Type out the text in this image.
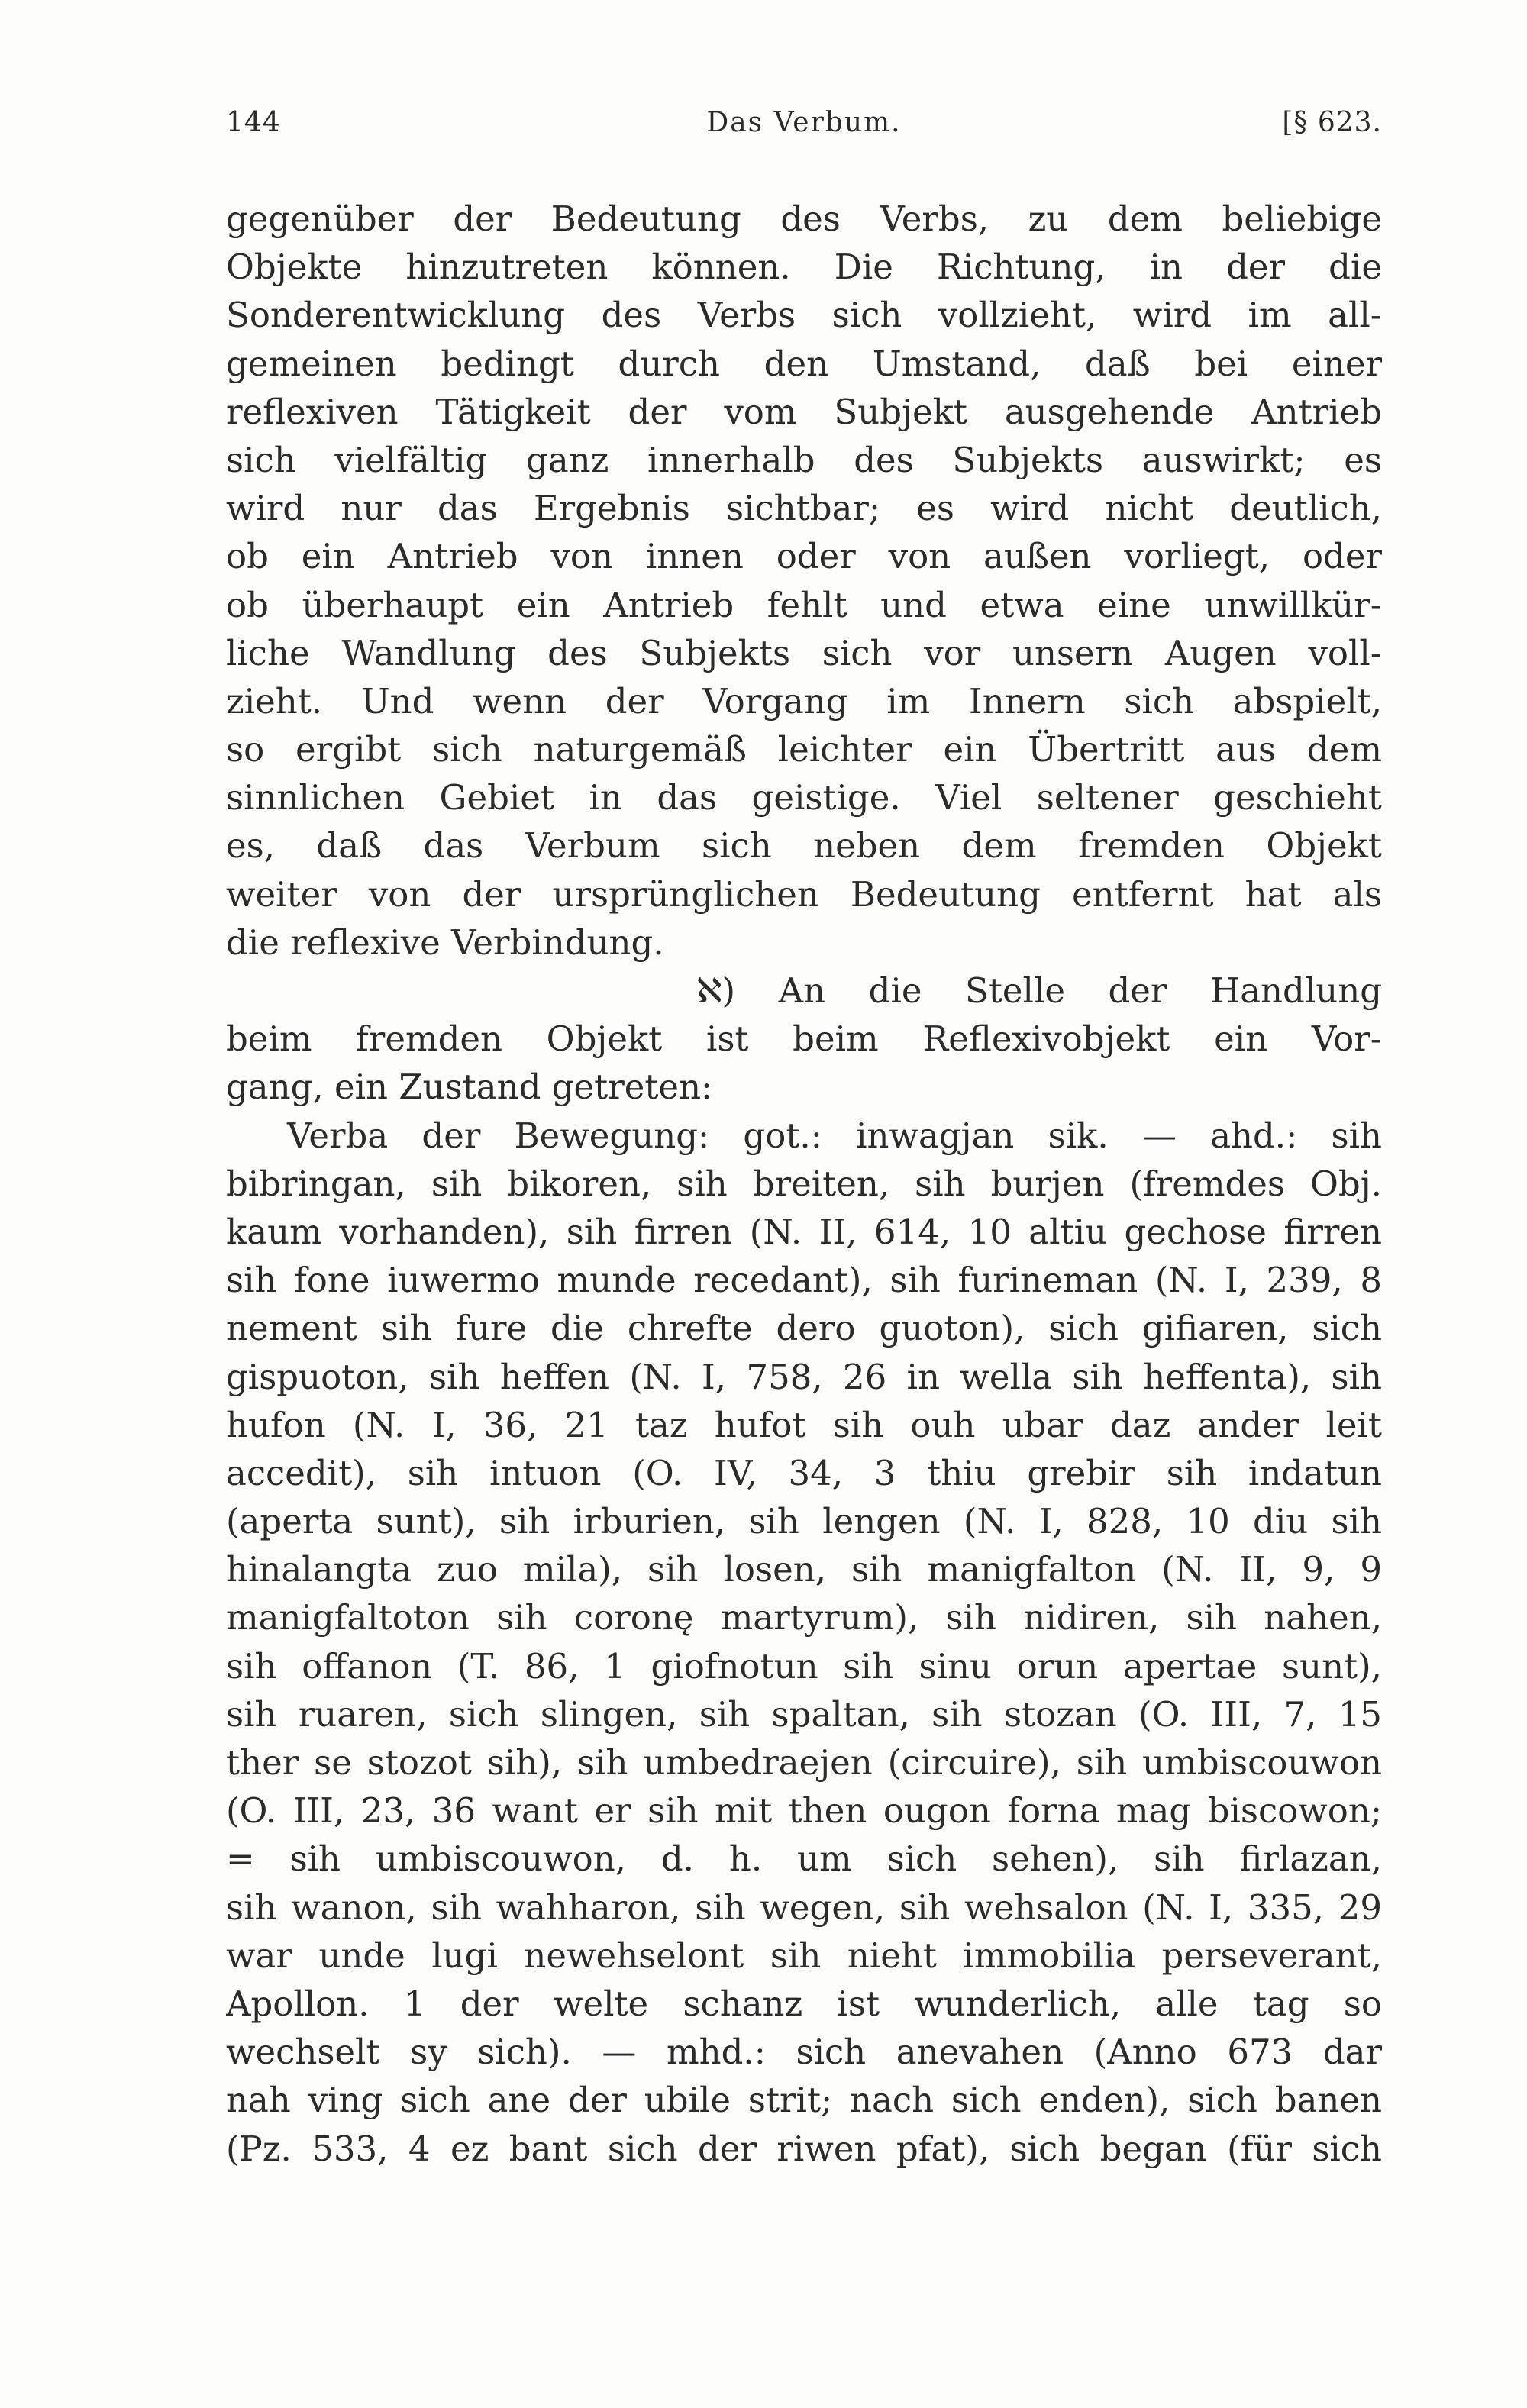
144	Das Verbum.	[§ 623.
gegenüber der Bedeutung des Verbs, zu dem beliebige
Objekte hinzutreten können. Die Richtung, in der die
Sonderentwicklung des Verbs sich vollzieht, wird im all-
gemeinen bedingt durch den Umstand, daß bei einer
reflexiven Tätigkeit der vom Subjekt ausgehende Antrieb
sich vielfältig ganz innerhalb des Subjekts auswirkt; es
wird nur das Ergebnis sichtbar; es wird nicht deutlich,
ob ein Antrieb von innen oder von außen vorliegt, oder
ob überhaupt ein Antrieb fehlt und etwa eine unwillkür-
liche Wandlung des Subjekts sich vor unsern Augen voll-
zieht. Und wenn der Vorgang im Innern sich abspielt,
so ergibt sich naturgemäß leichter ein Übertritt aus dem
sinnlichen Gebiet in das geistige. Viel seltener geschieht
es, daß das Verbum sich neben dem fremden Objekt
weiter von der ursprünglichen Bedeutung entfernt hat als
die reflexive Verbindung.
ℵ) An die Stelle der Handlung
beim fremden Objekt ist beim Reflexivobjekt ein Vor-
gang, ein Zustand getreten:
Verba der Bewegung: got.: inwagjan sik. — ahd.: sih
bibringan, sih bikoren, sih breiten, sih burjen (fremdes Obj.
kaum vorhanden), sih firren (N. II, 614, 10 altiu gechose firren
sih fone iuwermo munde recedant), sih furineman (N. I, 239, 8
nement sih fure die chrefte dero guoton), sich gifiaren, sich
gispuoton, sih heffen (N. I, 758, 26 in wella sih heffenta), sih
hufon (N. I, 36, 21 taz hufot sih ouh ubar daz ander leit
accedit), sih intuon (O. IV, 34, 3 thiu grebir sih indatun
(aperta sunt), sih irburien, sih lengen (N. I, 828, 10 diu sih
hinalangta zuo mila), sih losen, sih manigfalton (N. II, 9, 9
manigfaltoton sih coronę martyrum), sih nidiren, sih nahen,
sih offanon (T. 86, 1 giofnotun sih sinu orun apertae sunt),
sih ruaren, sich slingen, sih spaltan, sih stozan (O. III, 7, 15
ther se stozot sih), sih umbedraejen (circuire), sih umbiscouwon
(O. III, 23, 36 want er sih mit then ougon forna mag biscowon;
= sih umbiscouwon, d. h. um sich sehen), sih firlazan,
sih wanon, sih wahharon, sih wegen, sih wehsalon (N. I, 335, 29
war unde lugi newehselont sih nieht immobilia perseverant,
Apollon. 1 der welte schanz ist wunderlich, alle tag so
wechselt sy sich). — mhd.: sich anevahen (Anno 673 dar
nah ving sich ane der ubile strit; nach sich enden), sich banen
(Pz. 533, 4 ez bant sich der riwen pfat), sich began (für sich
